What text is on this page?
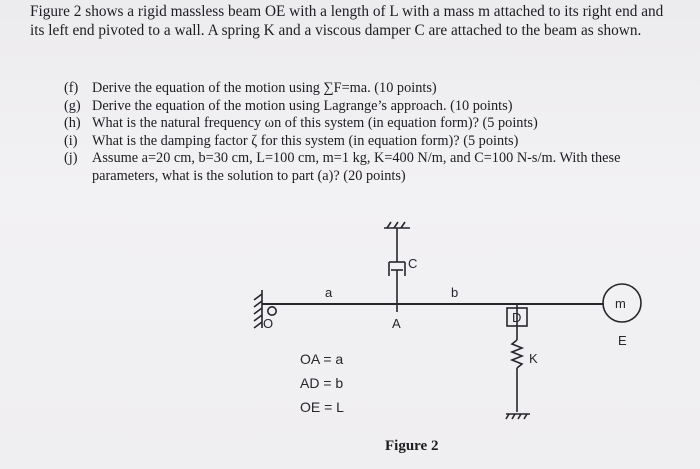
Figure 2 shows a rigid massless beam OE with a length of L with a mass m attached to its right end and its left end pivoted to a wall. A spring K and a viscous damper C are attached to the beam as shown.

(f) Derive the equation of the motion using ∑F=ma. (10 points)
(g) Derive the equation of the motion using Lagrange’s approach. (10 points)
(h) What is the natural frequency ωn of this system (in equation form)? (5 points)
(i) What is the damping factor ζ for this system (in equation form)? (5 points)
(j) Assume a=20 cm, b=30 cm, L=100 cm, m=1 kg, K=400 N/m, and C=100 N-s/m. With these parameters, what is the solution to part (a)? (20 points)
a	b
C
A	D
O
E
K
m
OA = a
AD = b
OE = L
Figure 2
